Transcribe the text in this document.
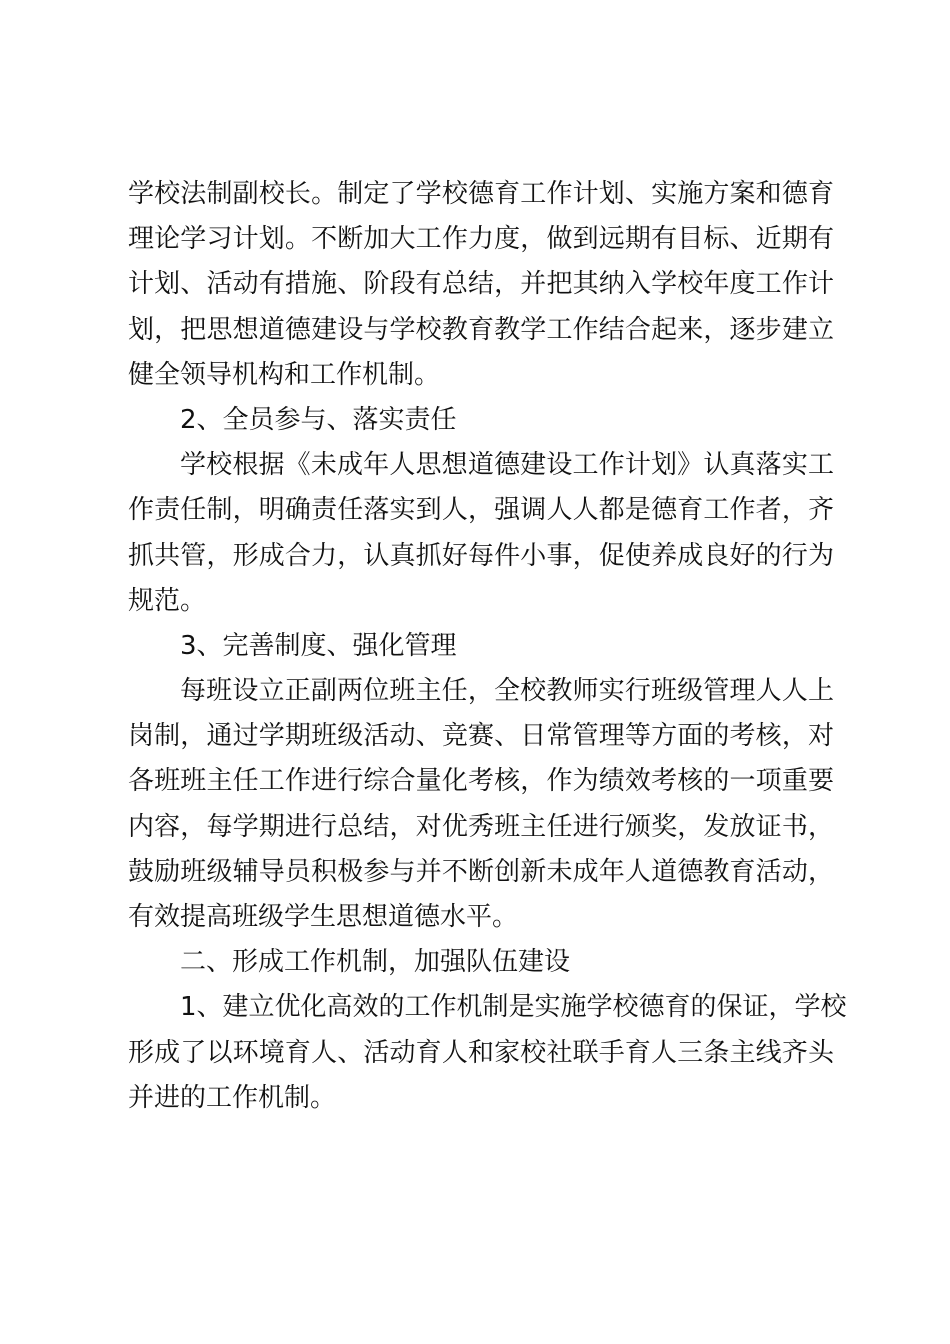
学校法制副校长。制定了学校德育工作计划、实施方案和德育
理论学习计划。不断加大工作力度，做到远期有目标、近期有
计划、活动有措施、阶段有总结，并把其纳入学校年度工作计
划，把思想道德建设与学校教育教学工作结合起来，逐步建立
健全领导机构和工作机制。
2、全员参与、落实责任
学校根据《未成年人思想道德建设工作计划》认真落实工
作责任制，明确责任落实到人，强调人人都是德育工作者，齐
抓共管，形成合力，认真抓好每件小事，促使养成良好的行为
规范。
3、完善制度、强化管理
每班设立正副两位班主任，全校教师实行班级管理人人上
岗制，通过学期班级活动、竞赛、日常管理等方面的考核，对
各班班主任工作进行综合量化考核，作为绩效考核的一项重要
内容，每学期进行总结，对优秀班主任进行颁奖，发放证书，
鼓励班级辅导员积极参与并不断创新未成年人道德教育活动，
有效提高班级学生思想道德水平。
二、形成工作机制，加强队伍建设
1、建立优化高效的工作机制是实施学校德育的保证，学校
形成了以环境育人、活动育人和家校社联手育人三条主线齐头
并进的工作机制。
